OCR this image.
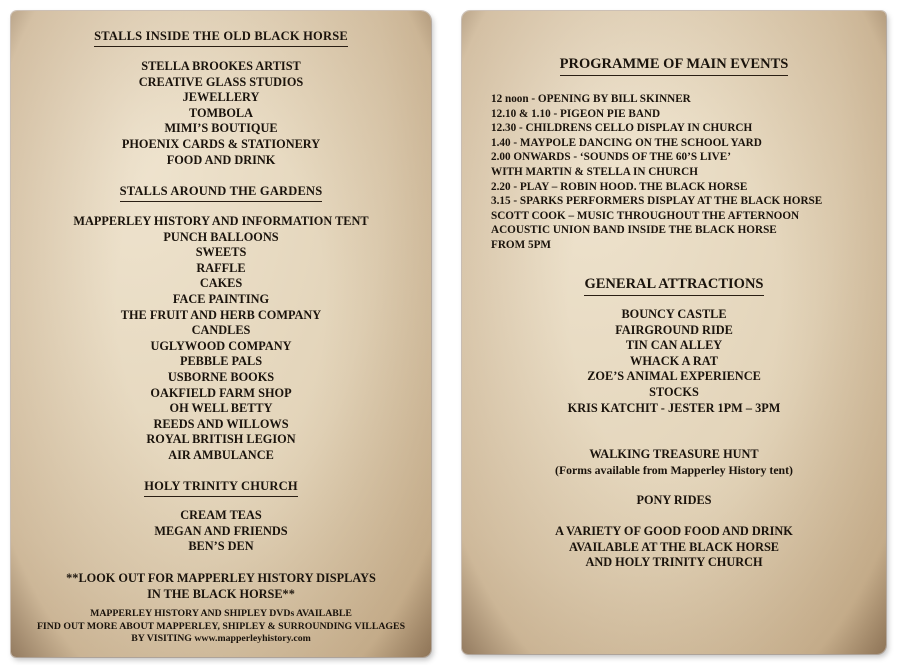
STALLS INSIDE THE OLD BLACK HORSE

STELLA BROOKES ARTIST

CREATIVE GLASS STUDIOS

JEWELLERY

TOMBOLA

MIMI’S BOUTIQUE

PHOENIX CARDS & STATIONERY

FOOD AND DRINK

STALLS AROUND THE GARDENS

MAPPERLEY HISTORY AND INFORMATION TENT

PUNCH BALLOONS

SWEETS

RAFFLE

CAKES

FACE PAINTING

THE FRUIT AND HERB COMPANY

CANDLES

UGLYWOOD COMPANY

PEBBLE PALS

USBORNE BOOKS

OAKFIELD FARM SHOP

OH WELL BETTY

REEDS AND WILLOWS

ROYAL BRITISH LEGION

AIR AMBULANCE

HOLY TRINITY CHURCH

CREAM TEAS

MEGAN AND FRIENDS

BEN’S DEN

**LOOK OUT FOR MAPPERLEY HISTORY DISPLAYS

IN THE BLACK HORSE**

MAPPERLEY HISTORY AND SHIPLEY DVDs AVAILABLE

FIND OUT MORE ABOUT MAPPERLEY, SHIPLEY & SURROUNDING VILLAGES

BY VISITING www.mapperleyhistory.com

PROGRAMME OF MAIN EVENTS

12 noon - OPENING BY BILL SKINNER

12.10 & 1.10 - PIGEON PIE BAND

12.30 - CHILDRENS CELLO DISPLAY IN CHURCH

1.40 - MAYPOLE DANCING ON THE SCHOOL YARD

2.00 ONWARDS - ‘SOUNDS OF THE 60’S LIVE’

WITH MARTIN & STELLA IN CHURCH

2.20 - PLAY – ROBIN HOOD. THE BLACK HORSE

3.15 - SPARKS PERFORMERS DISPLAY AT THE BLACK HORSE

SCOTT COOK – MUSIC THROUGHOUT THE AFTERNOON

ACOUSTIC UNION BAND INSIDE THE BLACK HORSE

FROM 5PM

GENERAL ATTRACTIONS

BOUNCY CASTLE

FAIRGROUND RIDE

TIN CAN ALLEY

WHACK A RAT

ZOE’S ANIMAL EXPERIENCE

STOCKS

KRIS KATCHIT - JESTER 1PM – 3PM

WALKING TREASURE HUNT

(Forms available from Mapperley History tent)

PONY RIDES

A VARIETY OF GOOD FOOD AND DRINK

AVAILABLE AT THE BLACK HORSE

AND HOLY TRINITY CHURCH
